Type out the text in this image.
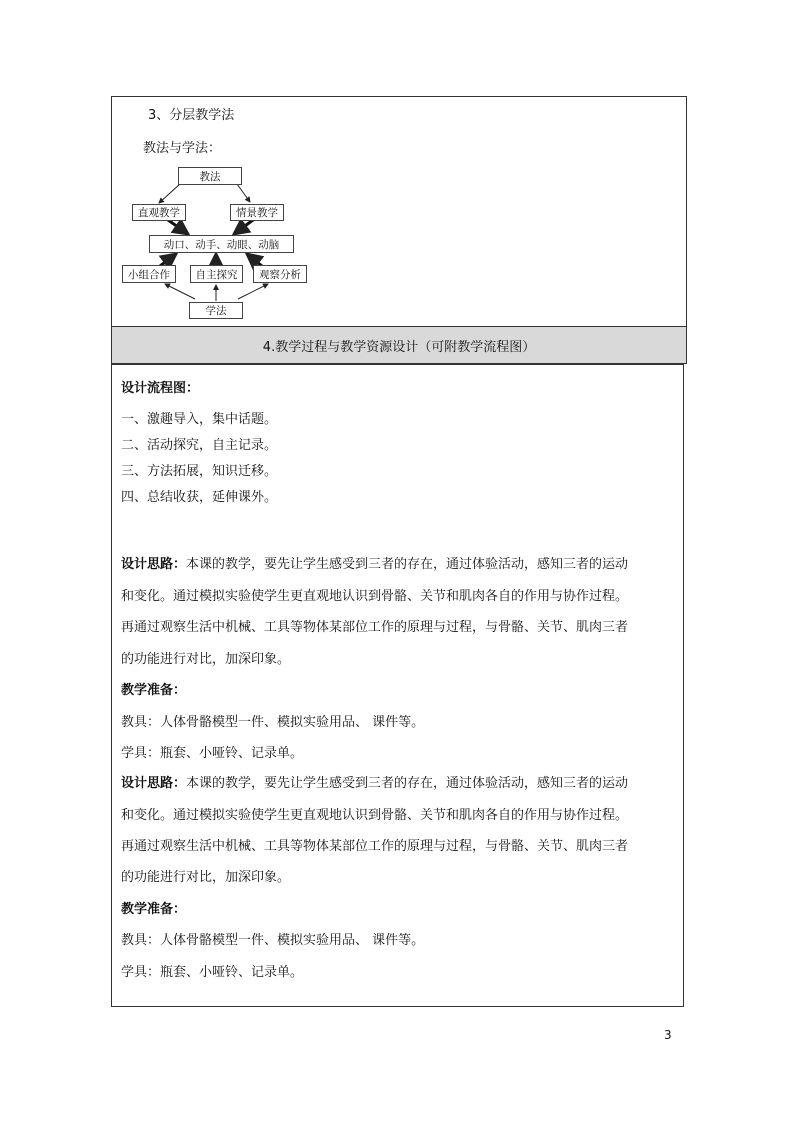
3、分层教学法
教法与学法：
教法
直观教学	情景教学
动口、动手、动眼、动脑
小组合作	自主探究	观察分析
学法
4.教学过程与教学资源设计（可附教学流程图）
设计流程图：
一、激趣导入，集中话题。
二、活动探究，自主记录。
三、方法拓展，知识迁移。
四、总结收获，延伸课外。
设计思路：本课的教学，要先让学生感受到三者的存在，通过体验活动，感知三者的运动
和变化。通过模拟实验使学生更直观地认识到骨骼、关节和肌肉各自的作用与协作过程。
再通过观察生活中机械、工具等物体某部位工作的原理与过程，与骨骼、关节、肌肉三者
的功能进行对比，加深印象。
教学准备：
教具：人体骨骼模型一件、模拟实验用品、 课件等。
学具：瓶套、小哑铃、记录单。
设计思路：本课的教学，要先让学生感受到三者的存在，通过体验活动，感知三者的运动
和变化。通过模拟实验使学生更直观地认识到骨骼、关节和肌肉各自的作用与协作过程。
再通过观察生活中机械、工具等物体某部位工作的原理与过程，与骨骼、关节、肌肉三者
的功能进行对比，加深印象。
教学准备：
教具：人体骨骼模型一件、模拟实验用品、 课件等。
学具：瓶套、小哑铃、记录单。
3
